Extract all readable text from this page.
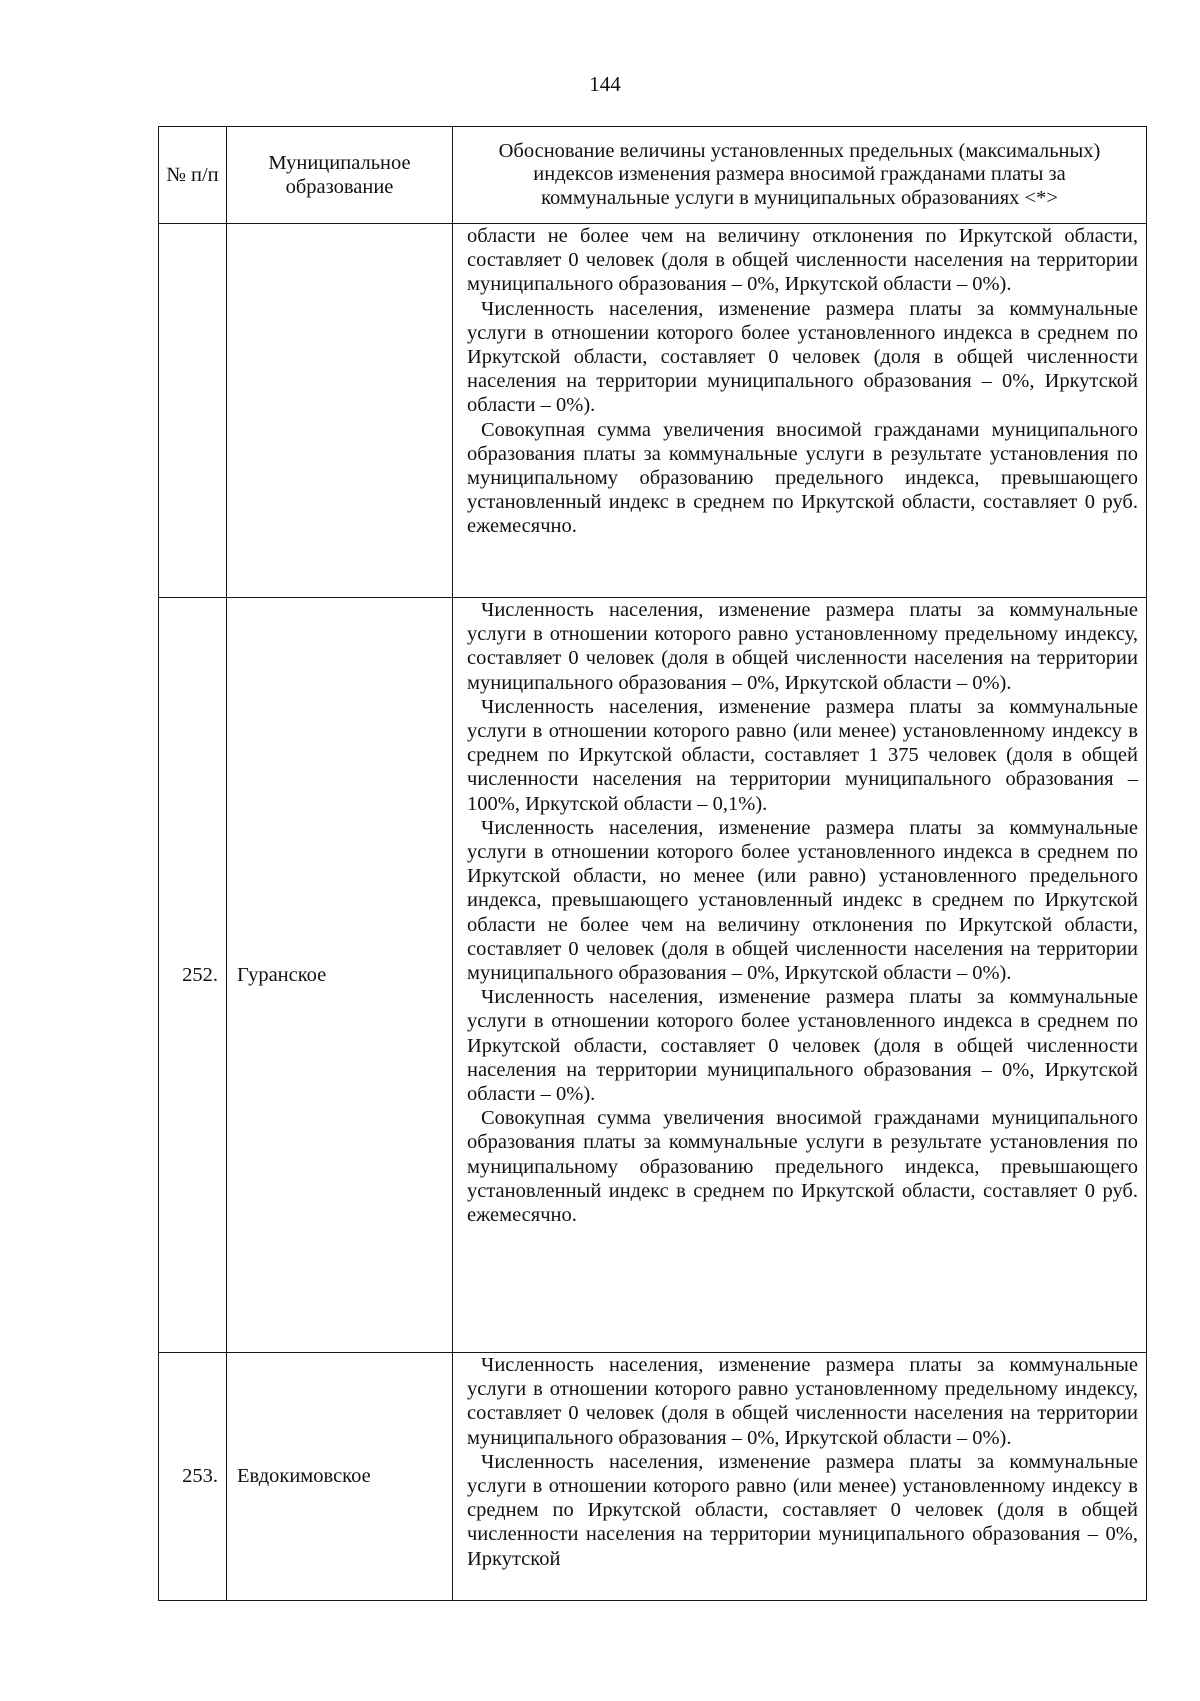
144
№ п/п	Муниципальное образование	Обоснование величины установленных предельных (максимальных) индексов изменения размера вносимой гражданами платы за коммунальные услуги в муниципальных образованиях <*>

		области не более чем на величину отклонения по Иркутской области, составляет 0 человек (доля в общей численности населения на территории муниципального образования – 0%, Иркутской области – 0%).

Численность населения, изменение размера платы за коммунальные услуги в отношении которого более установленного индекса в среднем по Иркутской области, составляет 0 человек (доля в общей численности населения на территории муниципального образования – 0%, Иркутской области – 0%).

Совокупная сумма увеличения вносимой гражданами муниципального образования платы за коммунальные услуги в результате установления по муниципальному образованию предельного индекса, превышающего установленный индекс в среднем по Иркутской области, составляет 0 руб. ежемесячно.

252.	Гуранское	Численность населения, изменение размера платы за коммунальные услуги в отношении которого равно установленному предельному индексу, составляет 0 человек (доля в общей численности населения на территории муниципального образования – 0%, Иркутской области – 0%).

Численность населения, изменение размера платы за коммунальные услуги в отношении которого равно (или менее) установленному индексу в среднем по Иркутской области, составляет 1 375 человек (доля в общей численности населения на территории муниципального образования – 100%, Иркутской области – 0,1%).

Численность населения, изменение размера платы за коммунальные услуги в отношении которого более установленного индекса в среднем по Иркутской области, но менее (или равно) установленного предельного индекса, превышающего установленный индекс в среднем по Иркутской области не более чем на величину отклонения по Иркутской области, составляет 0 человек (доля в общей численности населения на территории муниципального образования – 0%, Иркутской области – 0%).

Численность населения, изменение размера платы за коммунальные услуги в отношении которого более установленного индекса в среднем по Иркутской области, составляет 0 человек (доля в общей численности населения на территории муниципального образования – 0%, Иркутской области – 0%).

Совокупная сумма увеличения вносимой гражданами муниципального образования платы за коммунальные услуги в результате установления по муниципальному образованию предельного индекса, превышающего установленный индекс в среднем по Иркутской области, составляет 0 руб. ежемесячно.

253.	Евдокимовское	Численность населения, изменение размера платы за коммунальные услуги в отношении которого равно установленному предельному индексу, составляет 0 человек (доля в общей численности населения на территории муниципального образования – 0%, Иркутской области – 0%).

Численность населения, изменение размера платы за коммунальные услуги в отношении которого равно (или менее) установленному индексу в среднем по Иркутской области, составляет 0 человек (доля в общей численности населения на территории муниципального образования – 0%, Иркутской
